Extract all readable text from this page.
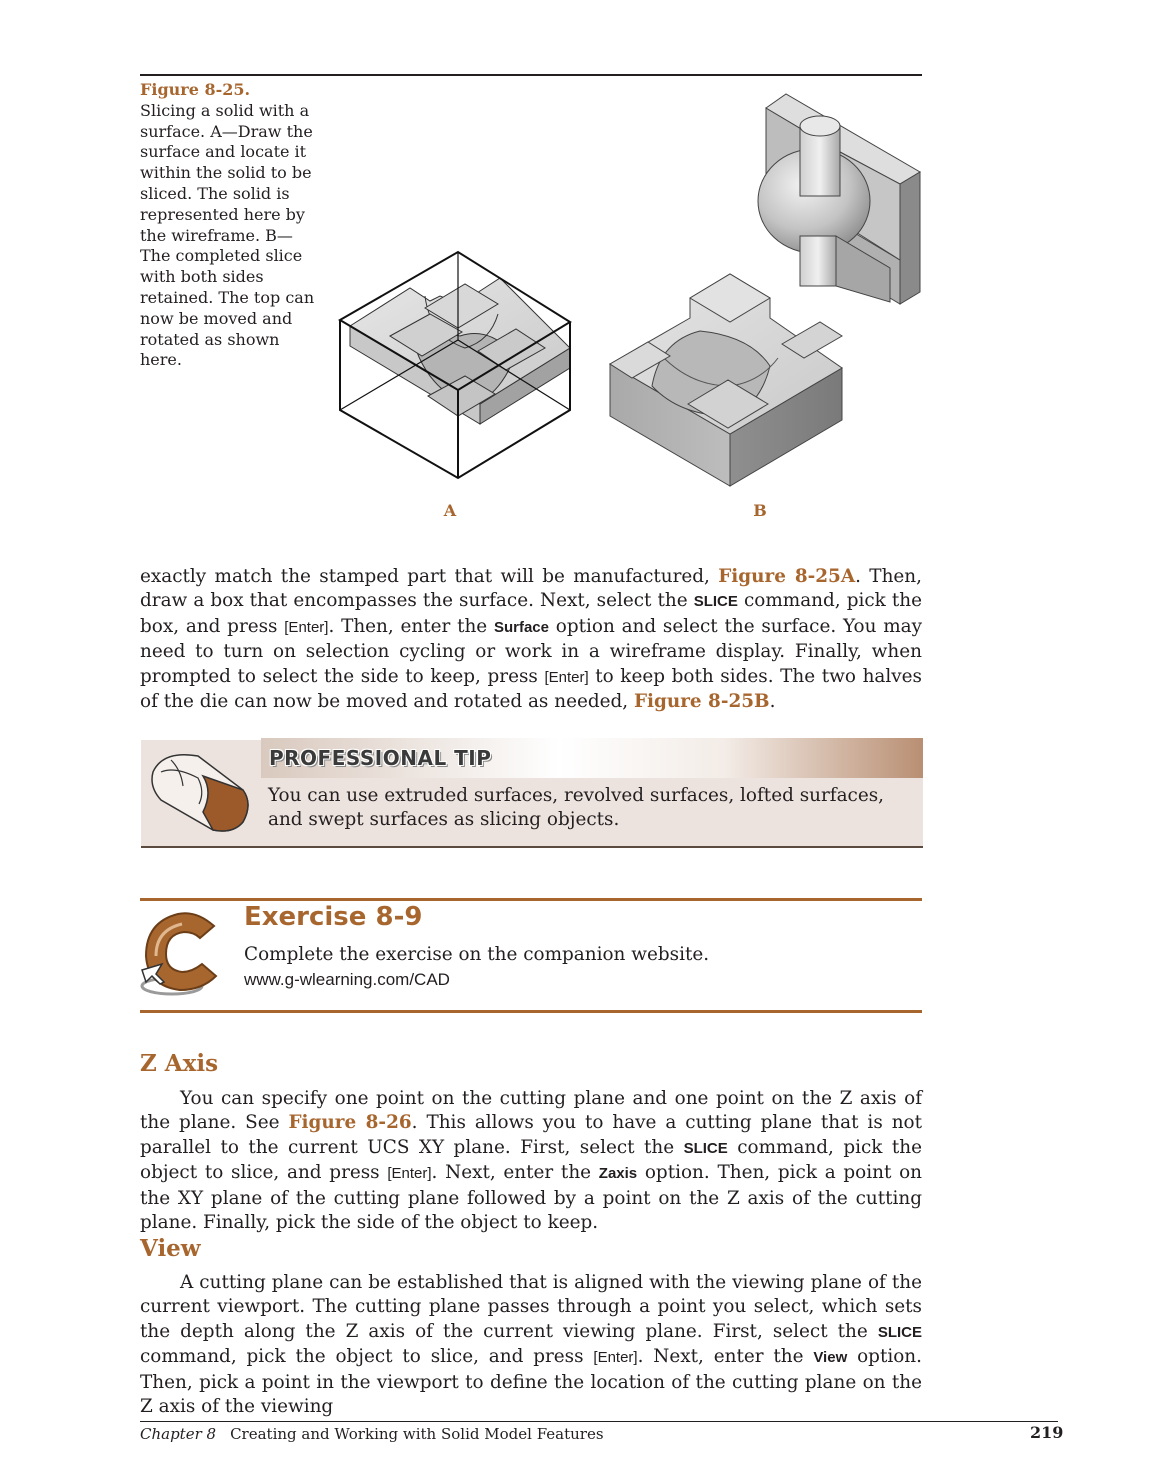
Figure 8-25.
Slicing a solid with a surface. A—Draw the surface and locate it within the solid to be sliced. The solid is represented here by the wireframe. B—The completed slice with both sides retained. The top can now be moved and rotated as shown here.
A	B
exactly match the stamped part that will be manufactured, Figure 8-25A. Then, draw a box that encompasses the surface. Next, select the SLICE command, pick the box, and press [Enter]. Then, enter the Surface option and select the surface. You may need to turn on selection cycling or work in a wireframe display. Finally, when prompted to select the side to keep, press [Enter] to keep both sides. The two halves of the die can now be moved and rotated as needed, Figure 8-25B.
PROFESSIONAL TIP
You can use extruded surfaces, revolved surfaces, lofted surfaces, and swept surfaces as slicing objects.
Exercise 8-9
Complete the exercise on the companion website.
www.g-wlearning.com/CAD
Z Axis
You can specify one point on the cutting plane and one point on the Z axis of the plane. See Figure 8-26. This allows you to have a cutting plane that is not parallel to the current UCS XY plane. First, select the SLICE command, pick the object to slice, and press [Enter]. Next, enter the Zaxis option. Then, pick a point on the XY plane of the cutting plane followed by a point on the Z axis of the cutting plane. Finally, pick the side of the object to keep.
View
A cutting plane can be established that is aligned with the viewing plane of the current viewport. The cutting plane passes through a point you select, which sets the depth along the Z axis of the current viewing plane. First, select the SLICE command, pick the object to slice, and press [Enter]. Next, enter the View option. Then, pick a point in the viewport to define the location of the cutting plane on the Z axis of the viewing
Chapter 8 Creating and Working with Solid Model Features	219
